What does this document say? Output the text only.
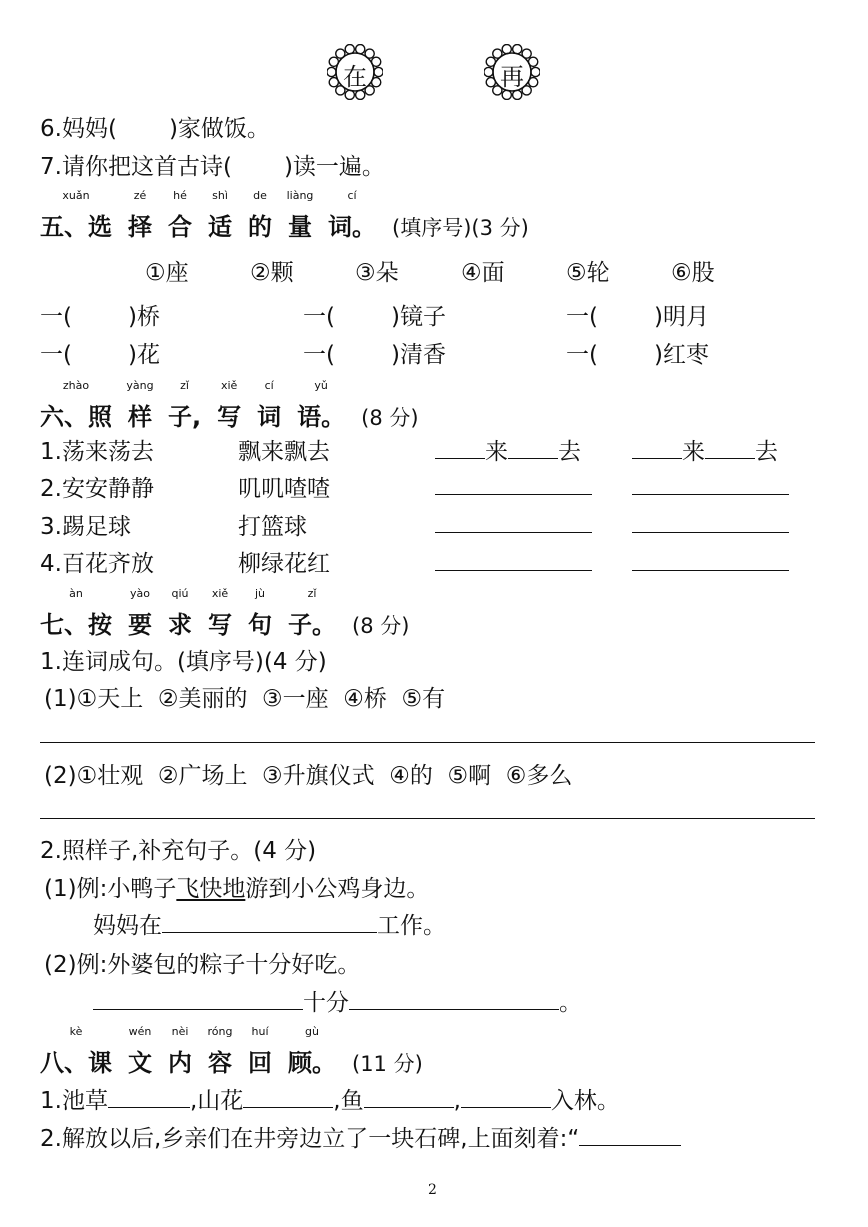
在	再
6.妈妈( )家做饭。
7.请你把这首古诗( )读一遍。
xuǎn
五、选
zé
择
hé
合
shì
适
de
的
liàng
量
cí
词。 (填序号)(3 分)
①座	②颗	③朵	④面	⑤轮	⑥股
一( )桥	一( )镜子	一( )明月
一( )花	一( )清香	一( )红枣
zhào
六、照
yàng
样
zǐ
子,
xiě
写
cí
词
yǔ
语。 (8 分)
1.荡来荡去	飘来飘去	来 去	来 去
2.安安静静	叽叽喳喳
3.踢足球	打篮球
4.百花齐放	柳绿花红
àn
七、按
yào
要
qiú
求
xiě
写
jù
句
zǐ
子。 (8 分)
1.连词成句。(填序号)(4 分)
(1)①天上  ②美丽的  ③一座  ④桥  ⑤有
(2)①壮观  ②广场上  ③升旗仪式  ④的  ⑤啊  ⑥多么
2.照样子,补充句子。(4 分)
(1)例:小鸭子飞快地游到小公鸡身边。
妈妈在	工作。
(2)例:外婆包的粽子十分好吃。
十分	。
kè
八、课
wén
文
nèi
内
róng
容
huí
回
gù
顾。 (11 分)
1.池草	,山花	,鱼	,	入林。
2.解放以后,乡亲们在井旁边立了一块石碑,上面刻着:“
2
